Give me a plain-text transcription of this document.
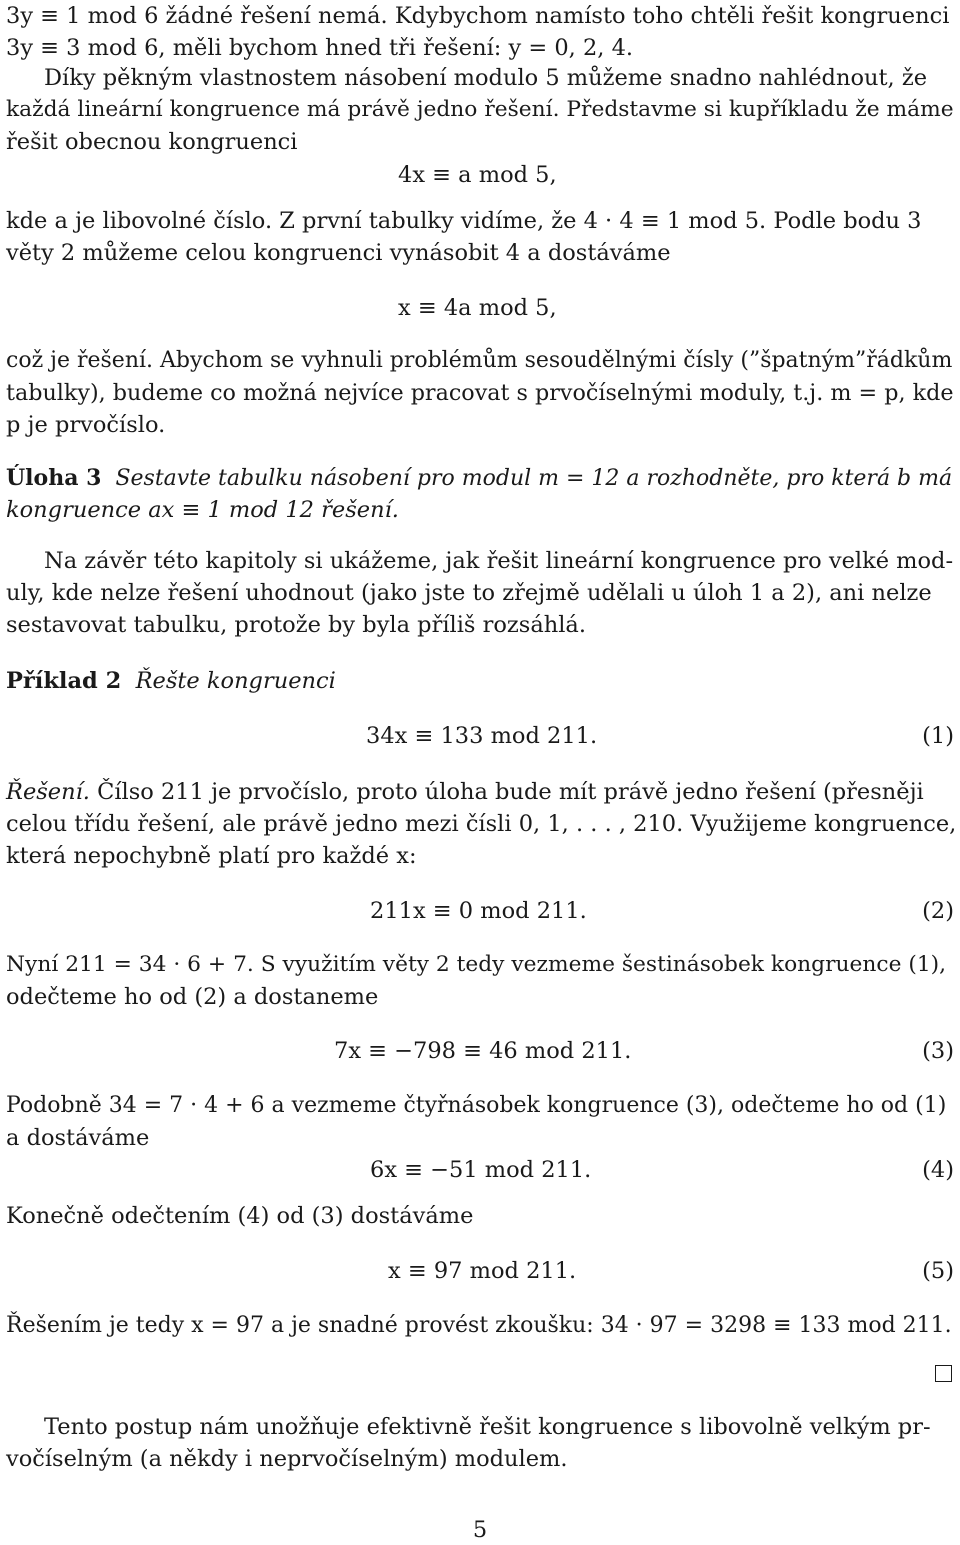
3y ≡ 1 mod 6 žádné řešení nemá. Kdybychom namísto toho chtěli řešit kongruenci
3y ≡ 3 mod 6, měli bychom hned tři řešení: y = 0, 2, 4.
Díky pěkným vlastnostem násobení modulo 5 můžeme snadno nahlédnout, že
každá lineární kongruence má právě jedno řešení. Představme si kupříkladu že máme
řešit obecnou kongruenci
4x ≡ a mod 5,
kde a je libovolné číslo. Z první tabulky vidíme, že 4 · 4 ≡ 1 mod 5. Podle bodu 3
věty 2 můžeme celou kongruenci vynásobit 4 a dostáváme
x ≡ 4a mod 5,
což je řešení. Abychom se vyhnuli problémům sesoudělnými čísly (”špatným”řádkům
tabulky), budeme co možná nejvíce pracovat s prvočíselnými moduly, t.j. m = p, kde
p je prvočíslo.
Úloha 3 Sestavte tabulku násobení pro modul m = 12 a rozhodněte, pro která b má
kongruence ax ≡ 1 mod 12 řešení.
Na závěr této kapitoly si ukážeme, jak řešit lineární kongruence pro velké mod-
uly, kde nelze řešení uhodnout (jako jste to zřejmě udělali u úloh 1 a 2), ani nelze
sestavovat tabulku, protože by byla příliš rozsáhlá.
Příklad 2 Řešte kongruenci
34x ≡ 133 mod 211.	(1)
Řešení. Čílso 211 je prvočíslo, proto úloha bude mít právě jedno řešení (přesněji
celou třídu řešení, ale právě jedno mezi čísli 0, 1, . . . , 210. Využijeme kongruence,
která nepochybně platí pro každé x:
211x ≡ 0 mod 211.	(2)
Nyní 211 = 34 · 6 + 7. S využitím věty 2 tedy vezmeme šestinásobek kongruence (1),
odečteme ho od (2) a dostaneme
7x ≡ −798 ≡ 46 mod 211.	(3)
Podobně 34 = 7 · 4 + 6 a vezmeme čtyřnásobek kongruence (3), odečteme ho od (1)
a dostáváme
6x ≡ −51 mod 211.	(4)
Konečně odečtením (4) od (3) dostáváme
x ≡ 97 mod 211.	(5)
Řešením je tedy x = 97 a je snadné provést zkoušku: 34 · 97 = 3298 ≡ 133 mod 211.
Tento postup nám unožňuje efektivně řešit kongruence s libovolně velkým pr-
vočíselným (a někdy i neprvočíselným) modulem.
5
